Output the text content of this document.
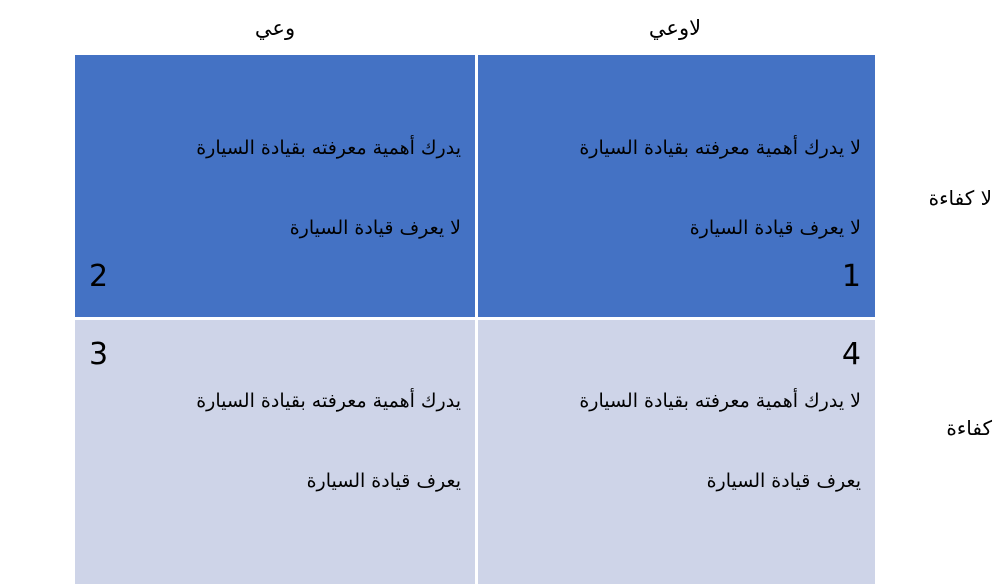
لاوعي
وعي
لا كفاءة
كفاءة
لا يدرك أهمية معرفته بقيادة السيارة
لا يعرف قيادة السيارة
1
يدرك أهمية معرفته بقيادة السيارة
لا يعرف قيادة السيارة
2
4
لا يدرك أهمية معرفته بقيادة السيارة
يعرف قيادة السيارة
3
يدرك أهمية معرفته بقيادة السيارة
يعرف قيادة السيارة
